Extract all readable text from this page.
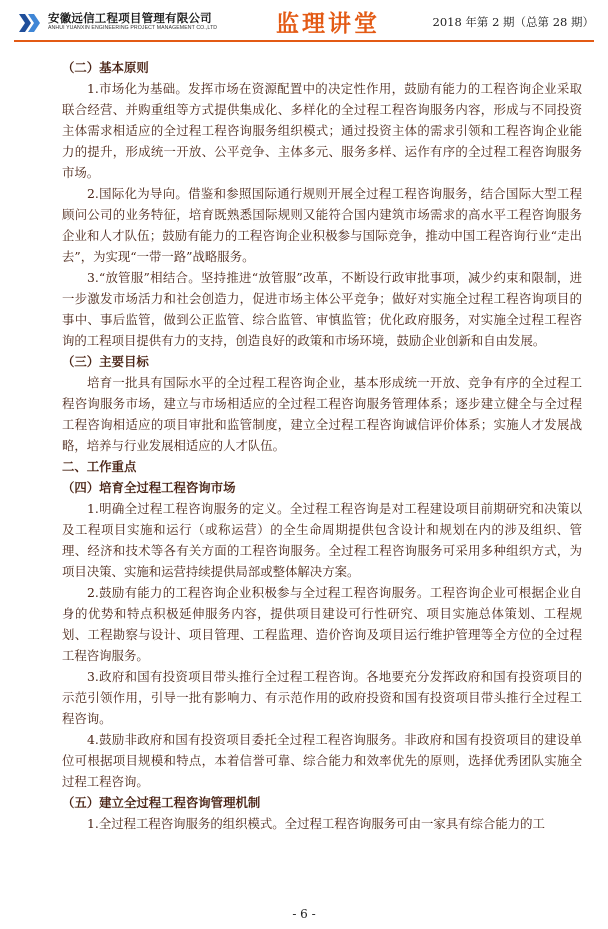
安徽远信工程项目管理有限公司
ANHUI YUANXIN ENGINEERING PROJECT MANAGEMENT CO.,LTD	监理讲堂	2018 年第 2 期（总第 28 期）

（二）基本原则

1.市场化为基础。发挥市场在资源配置中的决定性作用，鼓励有能力的工程咨询企业采取联合经营、并购重组等方式提供集成化、多样化的全过程工程咨询服务内容，形成与不同投资主体需求相适应的全过程工程咨询服务组织模式；通过投资主体的需求引领和工程咨询企业能力的提升，形成统一开放、公平竞争、主体多元、服务多样、运作有序的全过程工程咨询服务市场。

2.国际化为导向。借鉴和参照国际通行规则开展全过程工程咨询服务，结合国际大型工程顾问公司的业务特征，培育既熟悉国际规则又能符合国内建筑市场需求的高水平工程咨询服务企业和人才队伍；鼓励有能力的工程咨询企业积极参与国际竞争，推动中国工程咨询行业“走出去”，为实现“一带一路”战略服务。

3.“放管服”相结合。坚持推进“放管服”改革，不断设行政审批事项，减少约束和限制，进一步激发市场活力和社会创造力，促进市场主体公平竞争；做好对实施全过程工程咨询项目的事中、事后监管，做到公正监管、综合监管、审慎监管；优化政府服务，对实施全过程工程咨询的工程项目提供有力的支持，创造良好的政策和市场环境，鼓励企业创新和自由发展。

（三）主要目标

培育一批具有国际水平的全过程工程咨询企业，基本形成统一开放、竞争有序的全过程工程咨询服务市场，建立与市场相适应的全过程工程咨询服务管理体系；逐步建立健全与全过程工程咨询相适应的项目审批和监管制度，建立全过程工程咨询诚信评价体系；实施人才发展战略，培养与行业发展相适应的人才队伍。

二、工作重点

（四）培育全过程工程咨询市场

1.明确全过程工程咨询服务的定义。全过程工程咨询是对工程建设项目前期研究和决策以及工程项目实施和运行（或称运营）的全生命周期提供包含设计和规划在内的涉及组织、管理、经济和技术等各有关方面的工程咨询服务。全过程工程咨询服务可采用多种组织方式，为项目决策、实施和运营持续提供局部或整体解决方案。

2.鼓励有能力的工程咨询企业积极参与全过程工程咨询服务。工程咨询企业可根据企业自身的优势和特点积极延伸服务内容，提供项目建设可行性研究、项目实施总体策划、工程规划、工程勘察与设计、项目管理、工程监理、造价咨询及项目运行维护管理等全方位的全过程工程咨询服务。

3.政府和国有投资项目带头推行全过程工程咨询。各地要充分发挥政府和国有投资项目的示范引领作用，引导一批有影响力、有示范作用的政府投资和国有投资项目带头推行全过程工程咨询。

4.鼓励非政府和国有投资项目委托全过程工程咨询服务。非政府和国有投资项目的建设单位可根据项目规模和特点，本着信誉可靠、综合能力和效率优先的原则，选择优秀团队实施全过程工程咨询。

（五）建立全过程工程咨询管理机制

1.全过程工程咨询服务的组织模式。全过程工程咨询服务可由一家具有综合能力的工

- 6 -
